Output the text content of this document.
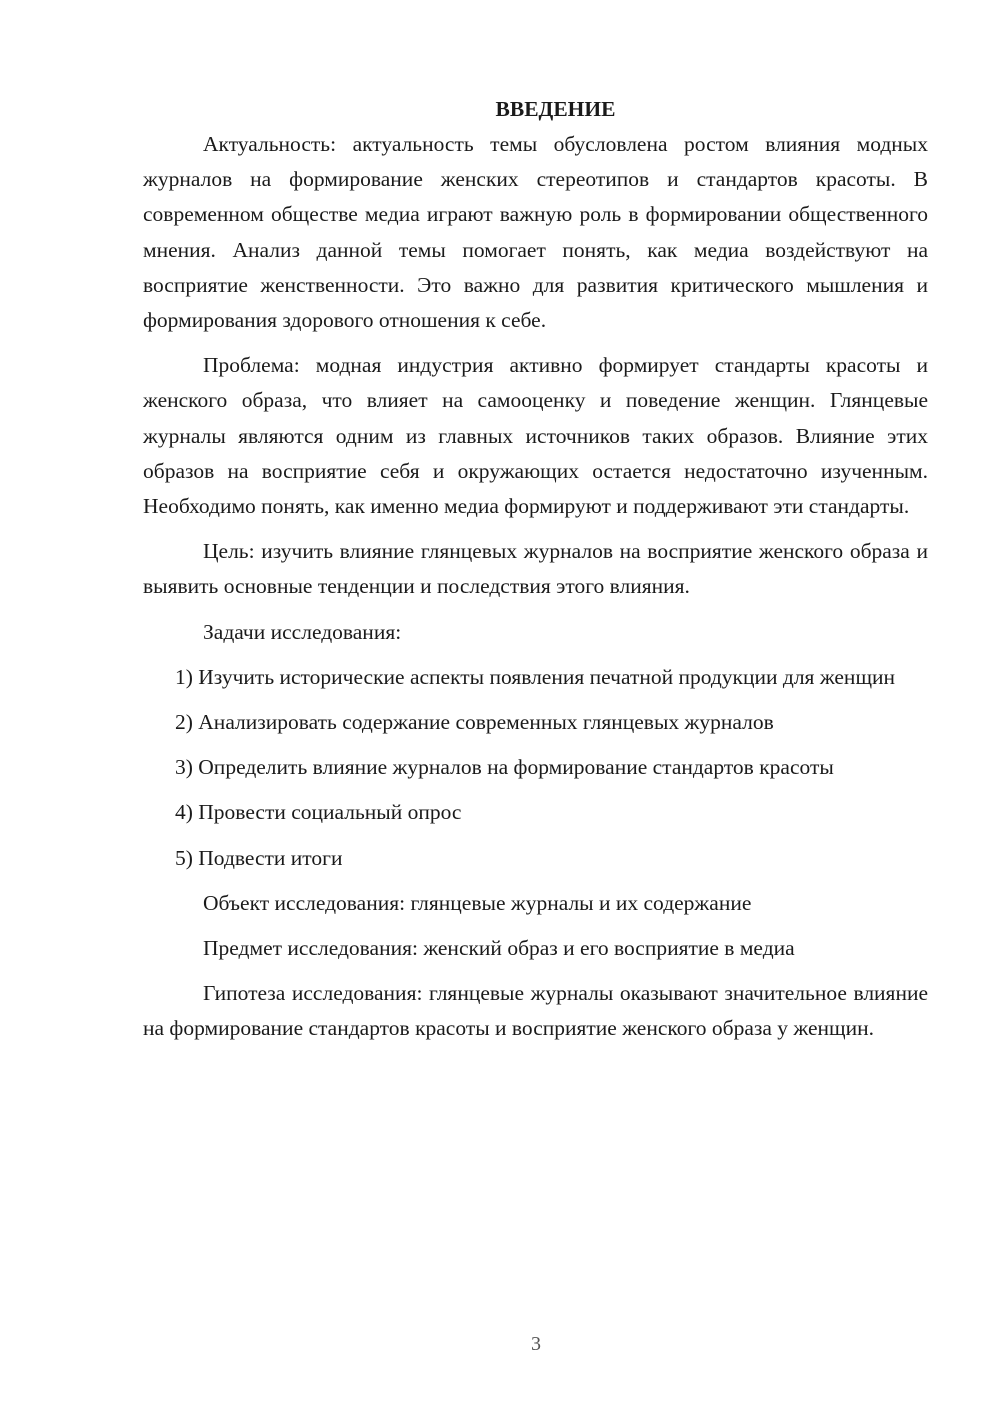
ВВЕДЕНИЕ

Актуальность: актуальность темы обусловлена ростом влияния модных журналов на формирование женских стереотипов и стандартов красоты. В современном обществе медиа играют важную роль в формировании общественного мнения. Анализ данной темы помогает понять, как медиа воздействуют на восприятие женственности. Это важно для развития критического мышления и формирования здорового отношения к себе.

Проблема: модная индустрия активно формирует стандарты красоты и женского образа, что влияет на самооценку и поведение женщин. Глянцевые журналы являются одним из главных источников таких образов. Влияние этих образов на восприятие себя и окружающих остается недостаточно изученным. Необходимо понять, как именно медиа формируют и поддерживают эти стандарты.

Цель: изучить влияние глянцевых журналов на восприятие женского образа и выявить основные тенденции и последствия этого влияния.

Задачи исследования:

1) Изучить исторические аспекты появления печатной продукции для женщин

2) Анализировать содержание современных глянцевых журналов

3) Определить влияние журналов на формирование стандартов красоты

4) Провести социальный опрос

5) Подвести итоги

Объект исследования: глянцевые журналы и их содержание

Предмет исследования: женский образ и его восприятие в медиа

Гипотеза исследования: глянцевые журналы оказывают значительное влияние на формирование стандартов красоты и восприятие женского образа у женщин.

3
